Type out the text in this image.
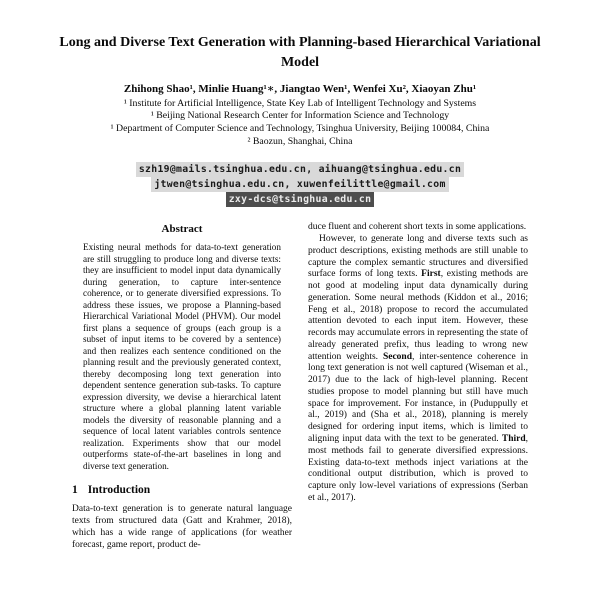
Long and Diverse Text Generation with Planning-based Hierarchical Variational Model
Zhihong Shao¹, Minlie Huang¹∗, Jiangtao Wen¹, Wenfei Xu², Xiaoyan Zhu¹
¹ Institute for Artificial Intelligence, State Key Lab of Intelligent Technology and Systems
¹ Beijing National Research Center for Information Science and Technology
¹ Department of Computer Science and Technology, Tsinghua University, Beijing 100084, China
² Baozun, Shanghai, China
szh19@mails.tsinghua.edu.cn, aihuang@tsinghua.edu.cn
jtwen@tsinghua.edu.cn, xuwenfeilittle@gmail.com
zxy-dcs@tsinghua.edu.cn
Abstract

Existing neural methods for data-to-text generation are still struggling to produce long and diverse texts: they are insufficient to model input data dynamically during generation, to capture inter-sentence coherence, or to generate diversified expressions. To address these issues, we propose a Planning-based Hierarchical Variational Model (PHVM). Our model first plans a sequence of groups (each group is a subset of input items to be covered by a sentence) and then realizes each sentence conditioned on the planning result and the previously generated context, thereby decomposing long text generation into dependent sentence generation sub-tasks. To capture expression diversity, we devise a hierarchical latent structure where a global planning latent variable models the diversity of reasonable planning and a sequence of local latent variables controls sentence realization. Experiments show that our model outperforms state-of-the-art baselines in long and diverse text generation.

1 Introduction

Data-to-text generation is to generate natural language texts from structured data (Gatt and Krahmer, 2018), which has a wide range of applications (for weather forecast, game report, product de-

duce fluent and coherent short texts in some applications.

However, to generate long and diverse texts such as product descriptions, existing methods are still unable to capture the complex semantic structures and diversified surface forms of long texts. First, existing methods are not good at modeling input data dynamically during generation. Some neural methods (Kiddon et al., 2016; Feng et al., 2018) propose to record the accumulated attention devoted to each input item. However, these records may accumulate errors in representing the state of already generated prefix, thus leading to wrong new attention weights. Second, inter-sentence coherence in long text generation is not well captured (Wiseman et al., 2017) due to the lack of high-level planning. Recent studies propose to model planning but still have much space for improvement. For instance, in (Puduppully et al., 2019) and (Sha et al., 2018), planning is merely designed for ordering input items, which is limited to aligning input data with the text to be generated. Third, most methods fail to generate diversified expressions. Existing data-to-text methods inject variations at the conditional output distribution, which is proved to capture only low-level variations of expressions (Serban et al., 2017).
